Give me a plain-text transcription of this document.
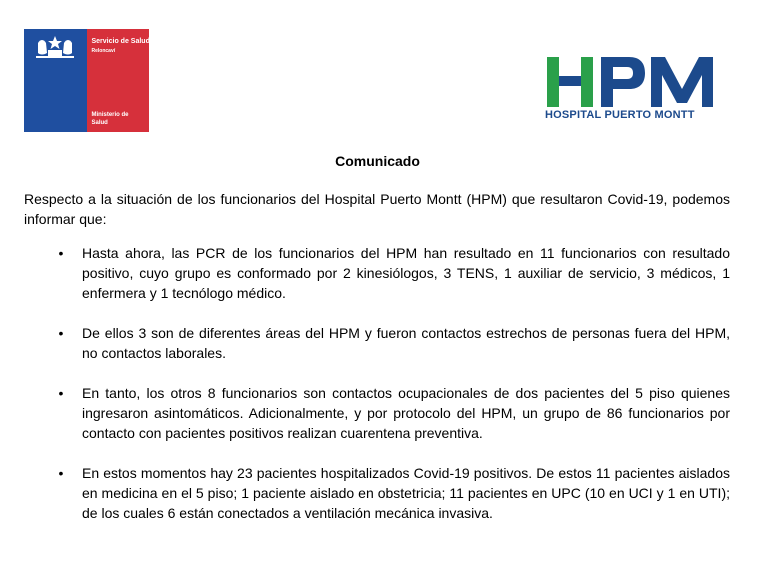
Servicio de Salud
Reloncaví
Ministerio de Salud
HOSPITAL PUERTO MONTT
Comunicado

Respecto a la situación de los funcionarios del Hospital Puerto Montt (HPM) que resultaron Covid-19, podemos informar que:

• Hasta ahora, las PCR de los funcionarios del HPM han resultado en 11 funcionarios con resultado positivo, cuyo grupo es conformado por 2 kinesiólogos, 3 TENS, 1 auxiliar de servicio, 3 médicos, 1 enfermera y 1 tecnólogo médico.
• De ellos 3 son de diferentes áreas del HPM y fueron contactos estrechos de personas fuera del HPM, no contactos laborales.
• En tanto, los otros 8 funcionarios son contactos ocupacionales de dos pacientes del 5 piso quienes ingresaron asintomáticos. Adicionalmente, y por protocolo del HPM, un grupo de 86 funcionarios por contacto con pacientes positivos realizan cuarentena preventiva.
• En estos momentos hay 23 pacientes hospitalizados Covid-19 positivos. De estos 11 pacientes aislados en medicina en el 5 piso; 1 paciente aislado en obstetricia; 11 pacientes en UPC (10 en UCI y 1 en UTI); de los cuales 6 están conectados a ventilación mecánica invasiva.
